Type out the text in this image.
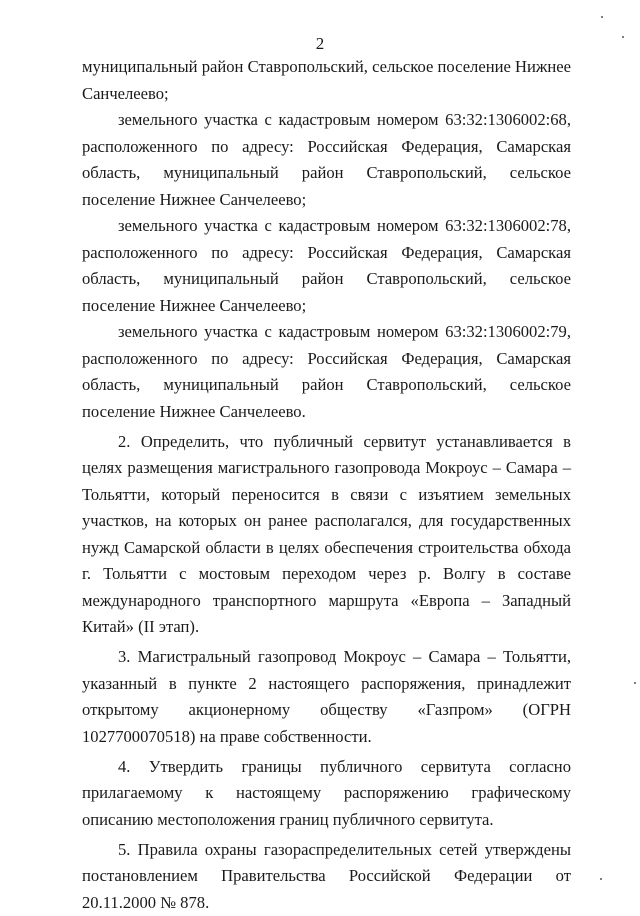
2

муниципальный район Ставропольский, сельское поселение Нижнее Санчелеево;

земельного участка с кадастровым номером 63:32:1306002:68, расположенного по адресу: Российская Федерация, Самарская область, муниципальный район Ставропольский, сельское поселение Нижнее Санчелеево;

земельного участка с кадастровым номером 63:32:1306002:78, расположенного по адресу: Российская Федерация, Самарская область, муниципальный район Ставропольский, сельское поселение Нижнее Санчелеево;

земельного участка с кадастровым номером 63:32:1306002:79, расположенного по адресу: Российская Федерация, Самарская область, муниципальный район Ставропольский, сельское поселение Нижнее Санчелеево.

2. Определить, что публичный сервитут устанавливается в целях размещения магистрального газопровода Мокроус – Самара – Тольятти, который переносится в связи с изъятием земельных участков, на которых он ранее располагался, для государственных нужд Самарской области в целях обеспечения строительства обхода г. Тольятти с мостовым переходом через р. Волгу в составе международного транспортного маршрута «Европа – Западный Китай» (II этап).

3. Магистральный газопровод Мокроус – Самара – Тольятти, указанный в пункте 2 настоящего распоряжения, принадлежит открытому акционерному обществу «Газпром» (ОГРН 1027700070518) на праве собственности.

4. Утвердить границы публичного сервитута согласно прилагаемому к настоящему распоряжению графическому описанию местоположения границ публичного сервитута.

5. Правила охраны газораспределительных сетей утверждены постановлением Правительства Российской Федерации от 20.11.2000 № 878.
